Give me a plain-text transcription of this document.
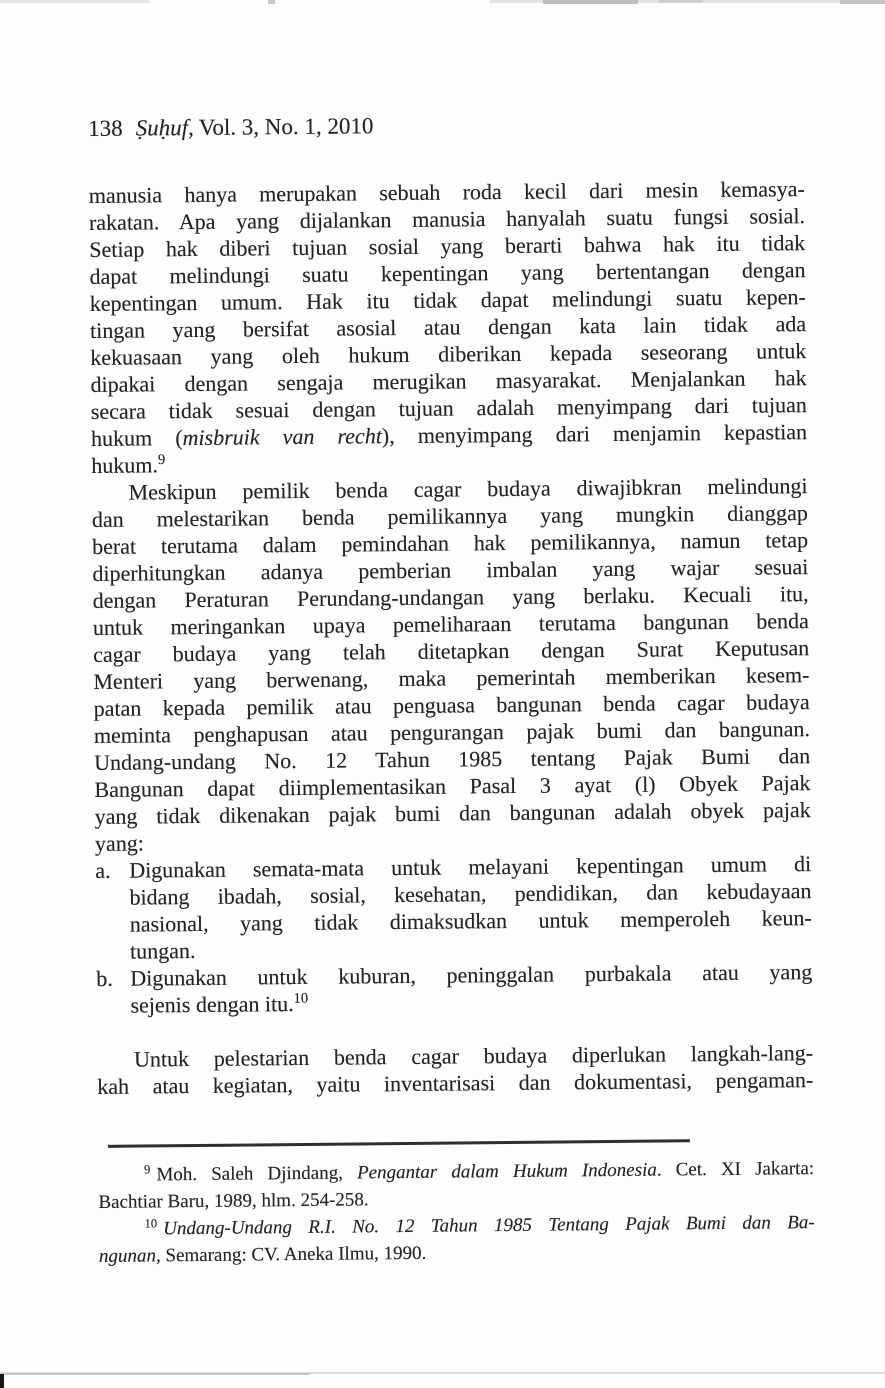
138 Ṣuḥuf, Vol. 3, No. 1, 2010
manusia hanya merupakan sebuah roda kecil dari mesin kemasya-
rakatan. Apa yang dijalankan manusia hanyalah suatu fungsi sosial.
Setiap hak diberi tujuan sosial yang berarti bahwa hak itu tidak
dapat melindungi suatu kepentingan yang bertentangan dengan
kepentingan umum. Hak itu tidak dapat melindungi suatu kepen-
tingan yang bersifat asosial atau dengan kata lain tidak ada
kekuasaan yang oleh hukum diberikan kepada seseorang untuk
dipakai dengan sengaja merugikan masyarakat. Menjalankan hak
secara tidak sesuai dengan tujuan adalah menyimpang dari tujuan
hukum (misbruik van recht), menyimpang dari menjamin kepastian
hukum.$^9$
Meskipun pemilik benda cagar budaya diwajibkran melindungi
dan melestarikan benda pemilikannya yang mungkin dianggap
berat terutama dalam pemindahan hak pemilikannya, namun tetap
diperhitungkan adanya pemberian imbalan yang wajar sesuai
dengan Peraturan Perundang-undangan yang berlaku. Kecuali itu,
untuk meringankan upaya pemeliharaan terutama bangunan benda
cagar budaya yang telah ditetapkan dengan Surat Keputusan
Menteri yang berwenang, maka pemerintah memberikan kesem-
patan kepada pemilik atau penguasa bangunan benda cagar budaya
meminta penghapusan atau pengurangan pajak bumi dan bangunan.
Undang-undang No. 12 Tahun 1985 tentang Pajak Bumi dan
Bangunan dapat diimplementasikan Pasal 3 ayat (l) Obyek Pajak
yang tidak dikenakan pajak bumi dan bangunan adalah obyek pajak
yang:
a. Digunakan semata-mata untuk melayani kepentingan umum di
bidang ibadah, sosial, kesehatan, pendidikan, dan kebudayaan
nasional, yang tidak dimaksudkan untuk memperoleh keun-
tungan.
b. Digunakan untuk kuburan, peninggalan purbakala atau yang
sejenis dengan itu.$^{10}$
Untuk pelestarian benda cagar budaya diperlukan langkah-lang-
kah atau kegiatan, yaitu inventarisasi dan dokumentasi, pengaman-
$^9$ Moh. Saleh Djindang, Pengantar dalam Hukum Indonesia. Cet. XI Jakarta:
Bachtiar Baru, 1989, hlm. 254-258.
$^{10}$ Undang-Undang R.I. No. 12 Tahun 1985 Tentang Pajak Bumi dan Ba-
ngunan, Semarang: CV. Aneka Ilmu, 1990.
